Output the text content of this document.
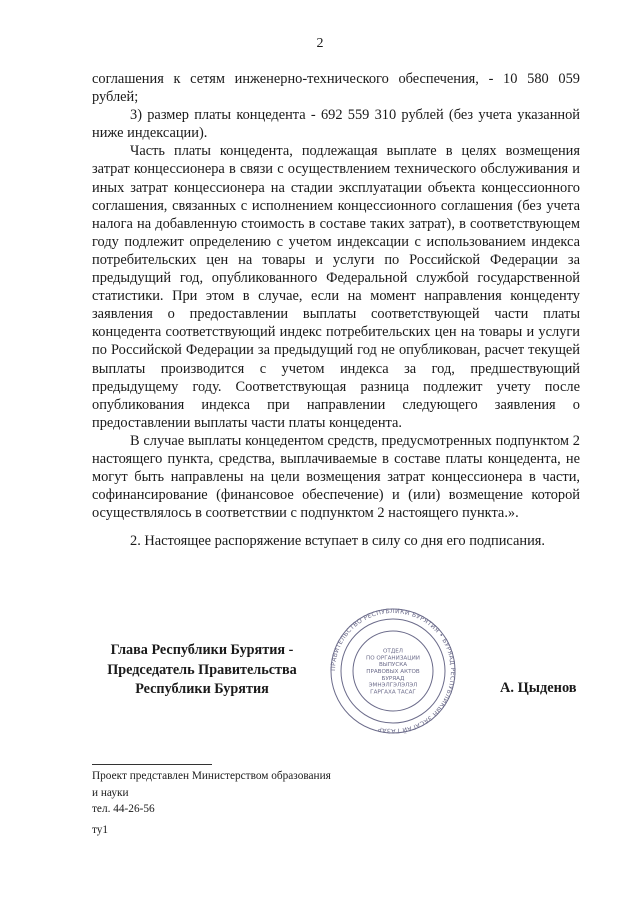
2

соглашения к сетям инженерно-технического обеспечения, - 10 580 059 рублей;

3) размер платы концедента - 692 559 310 рублей (без учета указанной ниже индексации).

Часть платы концедента, подлежащая выплате в целях возмещения затрат концессионера в связи с осуществлением технического обслуживания и иных затрат концессионера на стадии эксплуатации объекта концессионного соглашения, связанных с исполнением концессионного соглашения (без учета налога на добавленную стоимость в составе таких затрат), в соответствующем году подлежит определению с учетом индексации с использованием индекса потребительских цен на товары и услуги по Российской Федерации за предыдущий год, опубликованного Федеральной службой государственной статистики. При этом в случае, если на момент направления концеденту заявления о предоставлении выплаты соответствующей части платы концедента соответствующий индекс потребительских цен на товары и услуги по Российской Федерации за предыдущий год не опубликован, расчет текущей выплаты производится с учетом индекса за год, предшествующий предыдущему году. Соответствующая разница подлежит учету после опубликования индекса при направлении следующего заявления о предоставлении выплаты части платы концедента.

В случае выплаты концедентом средств, предусмотренных подпунктом 2 настоящего пункта, средства, выплачиваемые в составе платы концедента, не могут быть направлены на цели возмещения затрат концессионера в части, софинансирование (финансовое обеспечение) и (или) возмещение которой осуществлялось в соответствии с подпунктом 2 настоящего пункта.».

2. Настоящее распоряжение вступает в силу со дня его подписания.

Глава Республики Бурятия -
Председатель Правительства
Республики Бурятия
ПРАВИТЕЛЬСТВО РЕСПУБЛИКИ БУРЯТИЯ • БУРЯАД РЕСПУБЛИКЫН ЗАСАГАЙ ГАЗАР
ОТДЕЛ
ПО ОРГАНИЗАЦИИ
ВЫПУСКА
ПРАВОВЫХ АКТОВ
БУРЯАД
ЭМНЭЛГЭЛЭЛЭЛ
ГАРГАХА ТАСАГ	А. Цыденов
Проект представлен Министерством образования
и науки
тел. 44-26-56
ту1
